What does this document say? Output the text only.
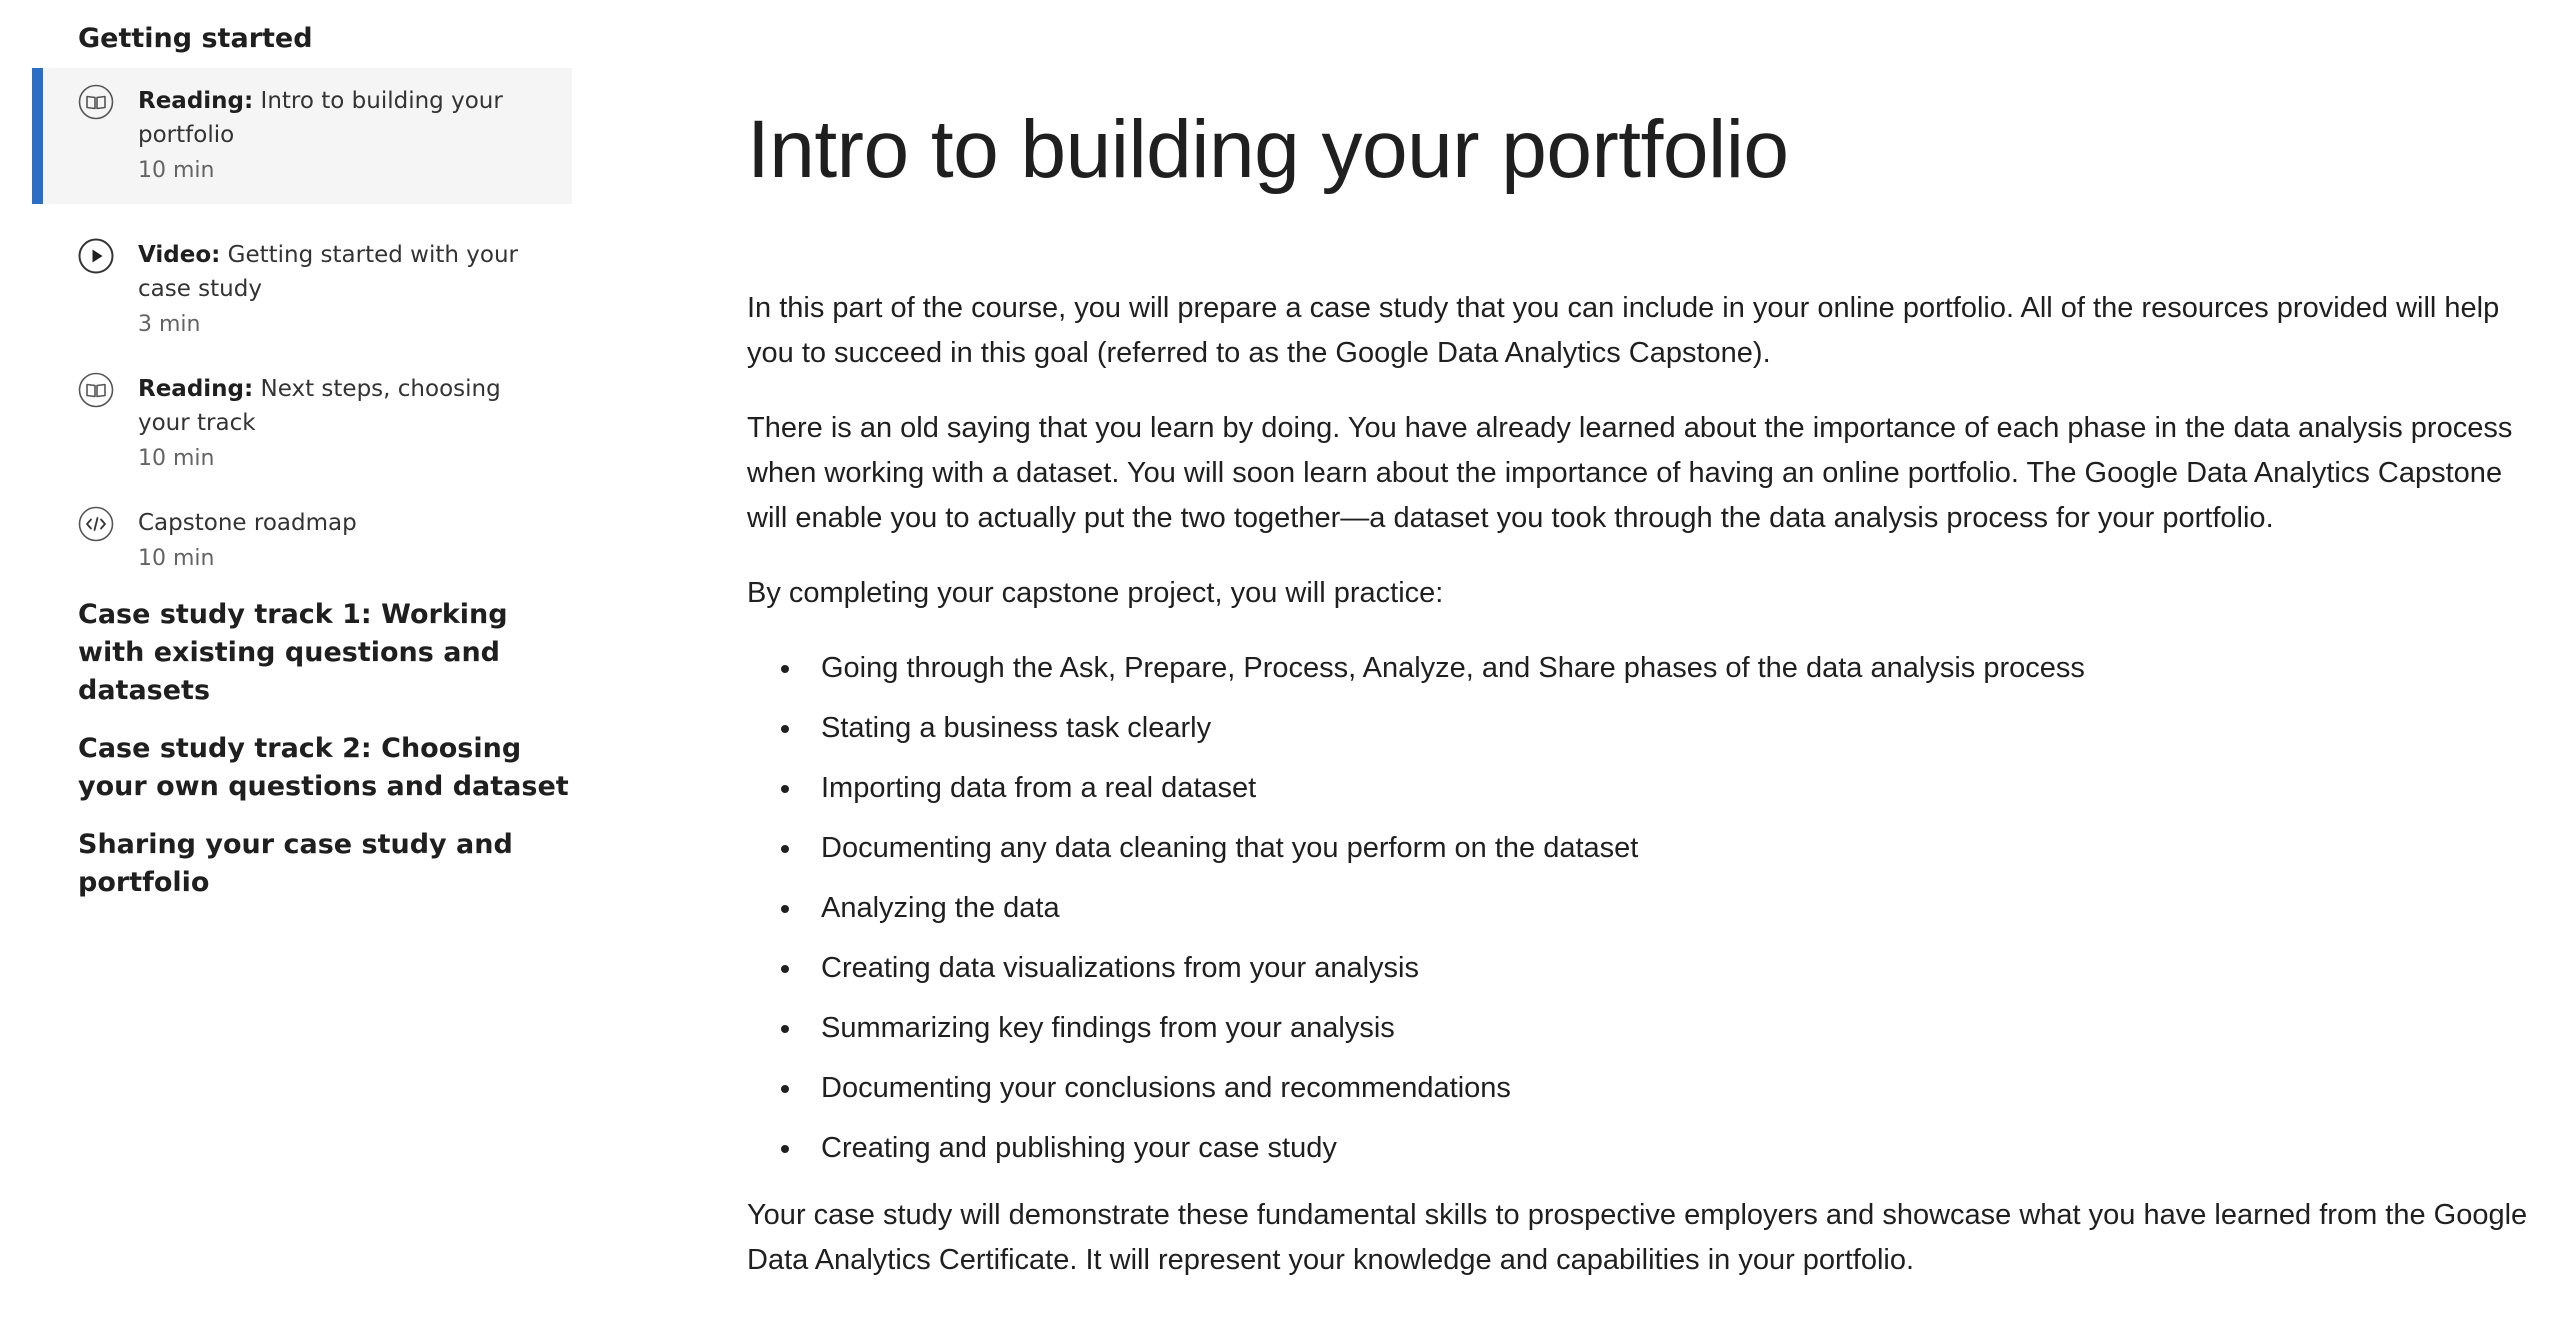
Getting started
Reading: Intro to building your portfolio
10 min
Video: Getting started with your case study
3 min
Reading: Next steps, choosing your track
10 min
Capstone roadmap
10 min
Case study track 1: Working with existing questions and datasets
Case study track 2: Choosing your own questions and dataset
Sharing your case study and portfolio
Intro to building your portfolio

In this part of the course, you will prepare a case study that you can include in your online portfolio. All of the resources provided will help you to succeed in this goal (referred to as the Google Data Analytics Capstone).

There is an old saying that you learn by doing. You have already learned about the importance of each phase in the data analysis process when working with a dataset. You will soon learn about the importance of having an online portfolio. The Google Data Analytics Capstone will enable you to actually put the two together—a dataset you took through the data analysis process for your portfolio.

By completing your capstone project, you will practice:

Going through the Ask, Prepare, Process, Analyze, and Share phases of the data analysis process
Stating a business task clearly
Importing data from a real dataset
Documenting any data cleaning that you perform on the dataset
Analyzing the data
Creating data visualizations from your analysis
Summarizing key findings from your analysis
Documenting your conclusions and recommendations
Creating and publishing your case study

Your case study will demonstrate these fundamental skills to prospective employers and showcase what you have learned from the Google Data Analytics Certificate. It will represent your knowledge and capabilities in your portfolio.
